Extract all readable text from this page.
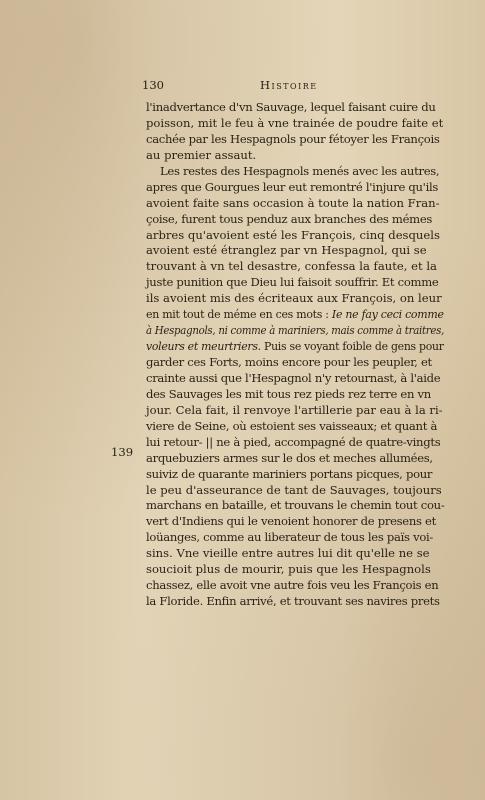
130	Histoire
139
l'inadvertance d'vn Sauvage, lequel faisant cuire du
poisson, mit le feu à vne trainée de poudre faite et
cachée par les Hespagnols pour fétoyer les François
au premier assaut.
Les restes des Hespagnols menés avec les autres,
apres que Gourgues leur eut remontré l'injure qu'ils
avoient faite sans occasion à toute la nation Fran-
çoise, furent tous penduz aux branches des mémes
arbres qu'avoient esté les François, cinq desquels
avoient esté étranglez par vn Hespagnol, qui se
trouvant à vn tel desastre, confessa la faute, et la
juste punition que Dieu lui faisoit souffrir. Et comme
ils avoient mis des écriteaux aux François, on leur
en mit tout de méme en ces mots : Ie ne fay ceci comme
à Hespagnols, ni comme à mariniers, mais comme à traitres,
voleurs et meurtriers. Puis se voyant foible de gens pour
garder ces Forts, moins encore pour les peupler, et
crainte aussi que l'Hespagnol n'y retournast, à l'aide
des Sauvages les mit tous rez pieds rez terre en vn
jour. Cela fait, il renvoye l'artillerie par eau à la ri-
viere de Seine, où estoient ses vaisseaux; et quant à
lui retour- || ne à pied, accompagné de quatre-vingts
arquebuziers armes sur le dos et meches allumées,
suiviz de quarante mariniers portans picques, pour
le peu d'asseurance de tant de Sauvages, toujours
marchans en bataille, et trouvans le chemin tout cou-
vert d'Indiens qui le venoient honorer de presens et
loüanges, comme au liberateur de tous les païs voi-
sins. Vne vieille entre autres lui dit qu'elle ne se
soucioit plus de mourir, puis que les Hespagnols
chassez, elle avoit vne autre fois veu les François en
la Floride. Enfin arrivé, et trouvant ses navires prets
